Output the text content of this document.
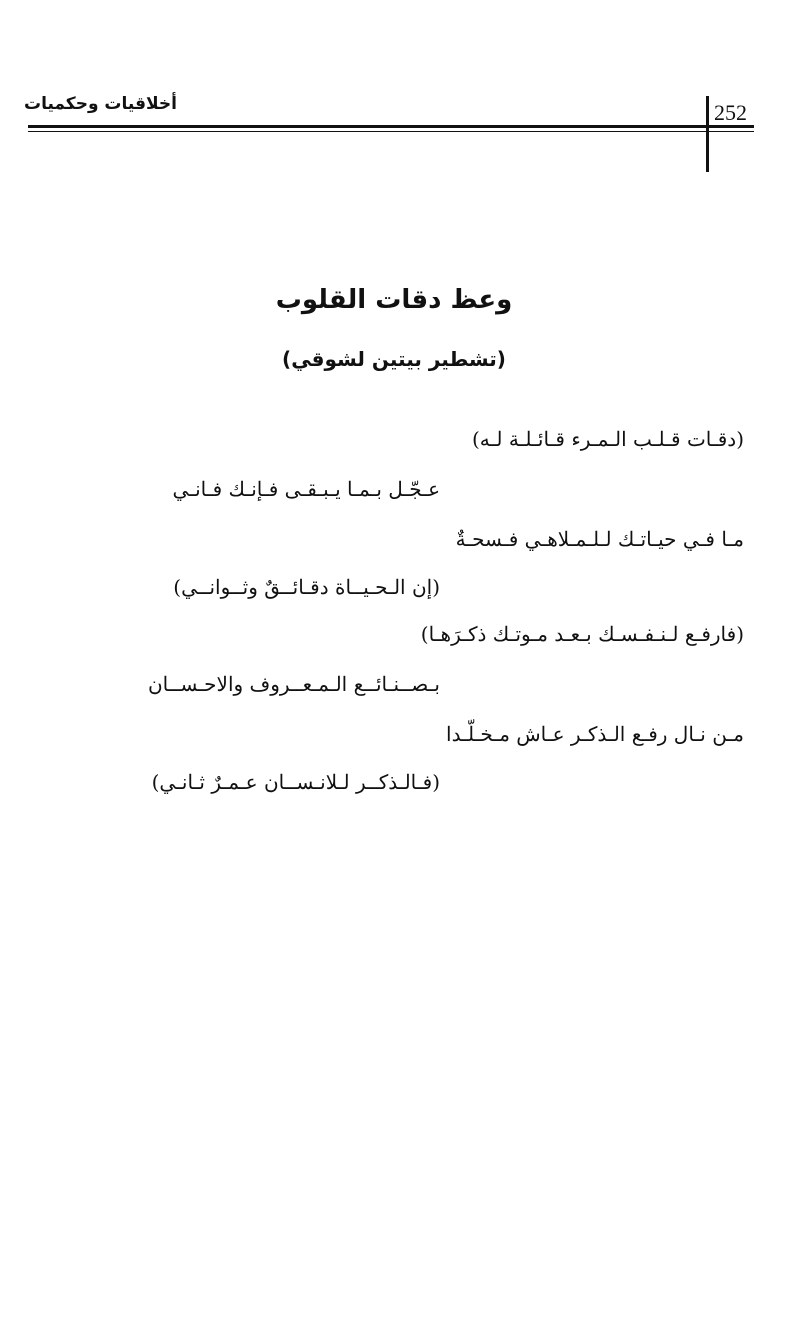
أخلاقيات وحكميات	252
وعظ دقات القلوب
(تشطير بيتين لشوقي)
(دقـات قـلـب الـمـرء قـائـلـة لـه)
عـجّـل بـمـا يـبـقـى فـإنـك فـانـي
مـا فـي حيـاتـك لـلـمـلاهـي فـسحـةٌ
(إن الـحـيــاة دقـائــقٌ وثــوانــي)
(فارفـع لـنـفـسـك بـعـد مـوتـك ذكـرَهـا)
بـصــنـائــع الـمـعــروف والاحـســان
مـن نـال رفـع الـذكـر عـاش مـخـلّـدا
(فـالـذكــر لـلانـســان عـمـرٌ ثـانـي)
